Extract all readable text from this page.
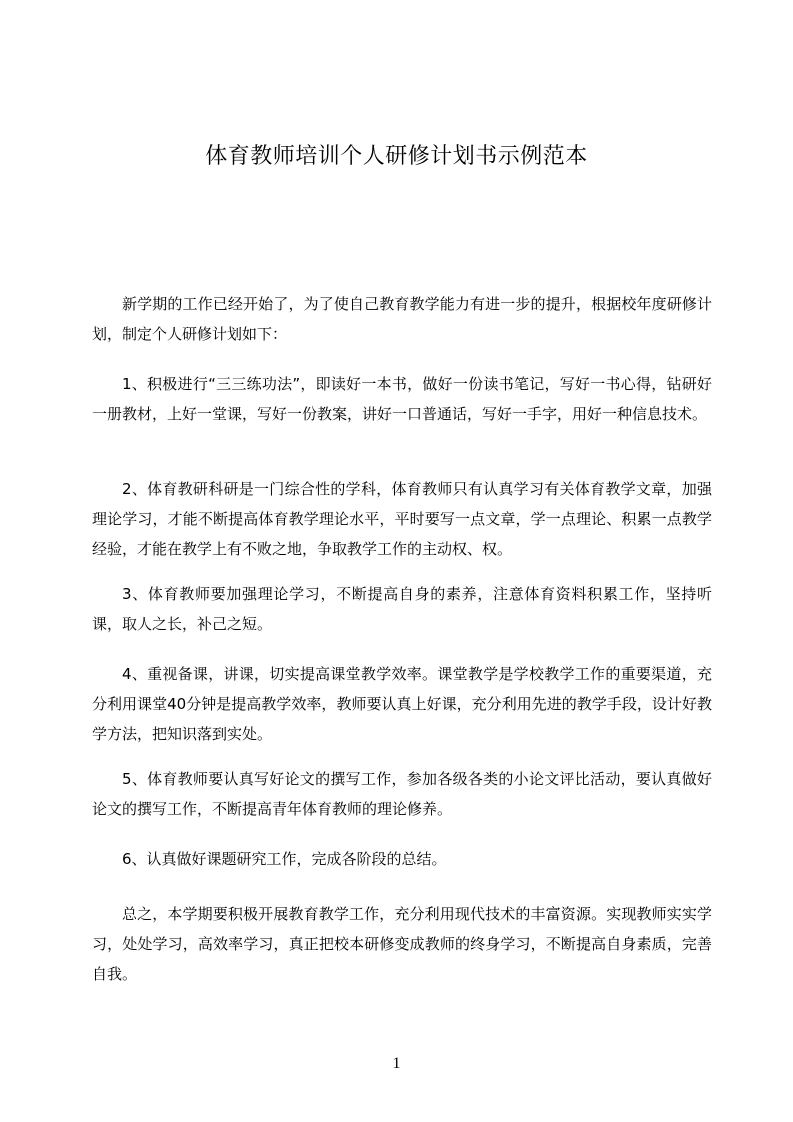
体育教师培训个人研修计划书示例范本

新学期的工作已经开始了，为了使自己教育教学能力有进一步的提升，根据校年度研修计划，制定个人研修计划如下：

1、积极进行“三三练功法”，即读好一本书，做好一份读书笔记，写好一书心得，钻研好一册教材，上好一堂课，写好一份教案，讲好一口普通话，写好一手字，用好一种信息技术。

2、体育教研科研是一门综合性的学科，体育教师只有认真学习有关体育教学文章，加强理论学习，才能不断提高体育教学理论水平，平时要写一点文章，学一点理论、积累一点教学经验，才能在教学上有不败之地，争取教学工作的主动权、权。

3、体育教师要加强理论学习，不断提高自身的素养，注意体育资料积累工作，坚持听课，取人之长，补己之短。

4、重视备课，讲课，切实提高课堂教学效率。课堂教学是学校教学工作的重要渠道，充分利用课堂40分钟是提高教学效率，教师要认真上好课，充分利用先进的教学手段，设计好教学方法，把知识落到实处。

5、体育教师要认真写好论文的撰写工作，参加各级各类的小论文评比活动，要认真做好论文的撰写工作，不断提高青年体育教师的理论修养。

6、认真做好课题研究工作，完成各阶段的总结。

总之，本学期要积极开展教育教学工作，充分利用现代技术的丰富资源。实现教师实实学习，处处学习，高效率学习，真正把校本研修变成教师的终身学习，不断提高自身素质，完善自我。

1
